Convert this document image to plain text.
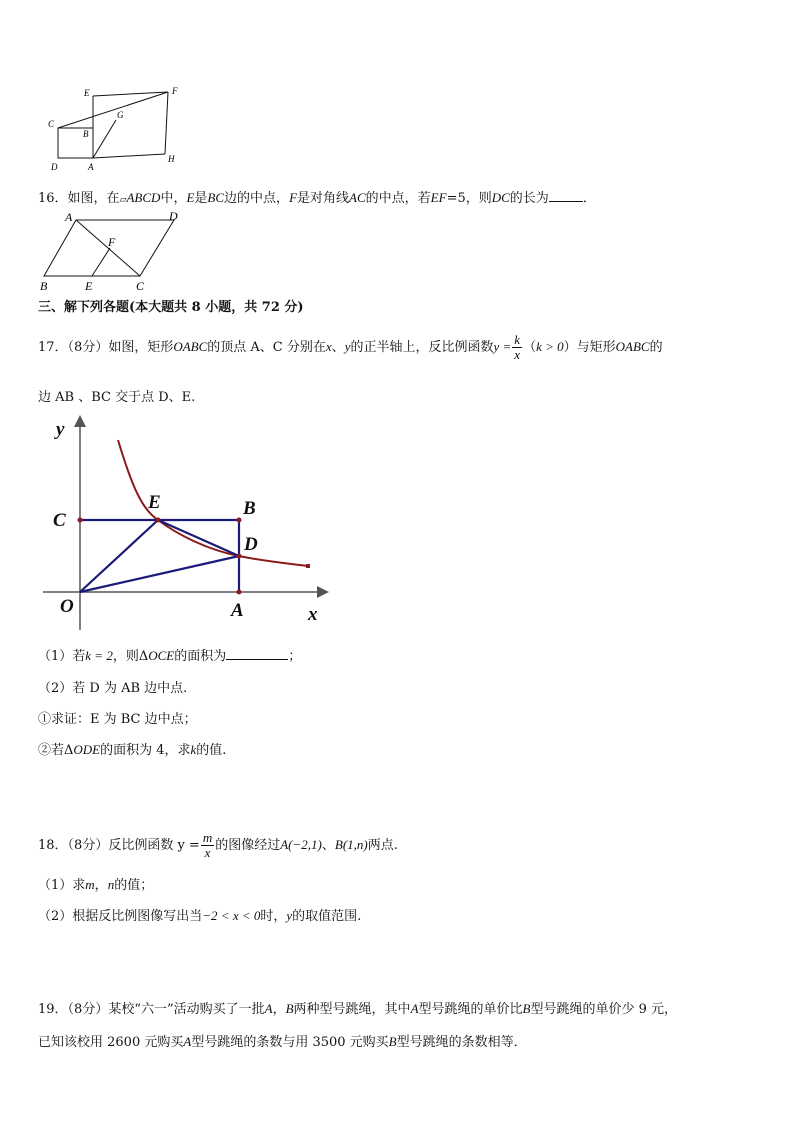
E	F
C
G
B
D	A
H
16．如图，在▱ABCD中，E是BC边的中点，F是对角线AC的中点，若EF=5，则DC的长为	．
A	D
F
B	E	C
三、解下列各题(本大题共 8 小题，共 72 分)
17．（8分）如图，矩形OABC的顶点 A、C 分别在x、y的正半轴上，反比例函数$y = \frac{k}{x} (k > 0)$与矩形OABC的
边 AB 、BC 交于点 D、E.
y
x
C
E	B
D
O	A
（1）若k = 2，则ΔOCE的面积为	；
（2）若 D 为 AB 边中点.
①求证：E 为 BC 边中点；
②若ΔODE的面积为 4，求k的值.
18．（8分）反比例函数 $y = \frac{m}{x}$ 的图像经过A(−2,1)、B(1,n)两点.
（1）求m，n的值；
（2）根据反比例图像写出当−2 < x < 0时，y的取值范围.
19．（8分）某校“六一”活动购买了一批A，B两种型号跳绳，其中A型号跳绳的单价比B型号跳绳的单价少 9 元，
已知该校用 2600 元购买A型号跳绳的条数与用 3500 元购买B型号跳绳的条数相等．
